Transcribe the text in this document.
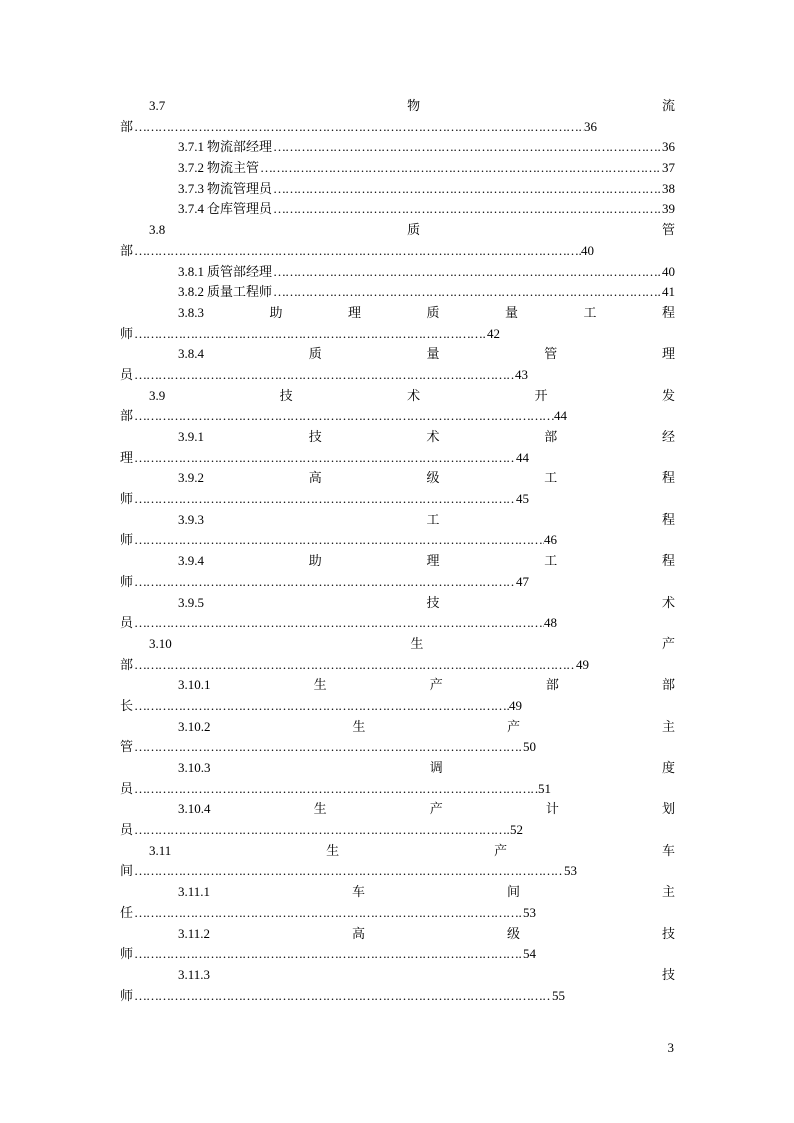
3.7	物	流
部 ……………………………………………………………………………………………………………………………………………………………………………………………………………………	36
3.7.1 物流部经理 ……………………………………………………………………………………………………………………………………………………………………………………………………………………	36
3.7.2 物流主管 ……………………………………………………………………………………………………………………………………………………………………………………………………………………	37
3.7.3 物流管理员 ……………………………………………………………………………………………………………………………………………………………………………………………………………………	38
3.7.4 仓库管理员 ……………………………………………………………………………………………………………………………………………………………………………………………………………………	39
3.8	质	管
部 ……………………………………………………………………………………………………………………………………………………………………………………………………………………	40
3.8.1 质管部经理 ……………………………………………………………………………………………………………………………………………………………………………………………………………………	40
3.8.2 质量工程师 ……………………………………………………………………………………………………………………………………………………………………………………………………………………	41
3.8.3	助	理	质	量	工	程
师 ……………………………………………………………………………………………………………………………………………………………………………………………………………………	42
3.8.4	质	量	管	理
员 ……………………………………………………………………………………………………………………………………………………………………………………………………………………	43
3.9	技	术	开	发
部 ……………………………………………………………………………………………………………………………………………………………………………………………………………………	44
3.9.1	技	术	部	经
理 ……………………………………………………………………………………………………………………………………………………………………………………………………………………	44
3.9.2	高	级	工	程
师 ……………………………………………………………………………………………………………………………………………………………………………………………………………………	45
3.9.3	工	程
师 ……………………………………………………………………………………………………………………………………………………………………………………………………………………	46
3.9.4	助	理	工	程
师 ……………………………………………………………………………………………………………………………………………………………………………………………………………………	47
3.9.5	技	术
员 ……………………………………………………………………………………………………………………………………………………………………………………………………………………	48
3.10	生	产
部 ……………………………………………………………………………………………………………………………………………………………………………………………………………………	49
3.10.1	生	产	部	部
长 ……………………………………………………………………………………………………………………………………………………………………………………………………………………	49
3.10.2	生	产	主
管 ……………………………………………………………………………………………………………………………………………………………………………………………………………………	50
3.10.3	调	度
员 ……………………………………………………………………………………………………………………………………………………………………………………………………………………	51
3.10.4	生	产	计	划
员 ……………………………………………………………………………………………………………………………………………………………………………………………………………………	52
3.11	生	产	车
间 ……………………………………………………………………………………………………………………………………………………………………………………………………………………	53
3.11.1	车	间	主
任 ……………………………………………………………………………………………………………………………………………………………………………………………………………………	53
3.11.2	高	级	技
师 ……………………………………………………………………………………………………………………………………………………………………………………………………………………	54
3.11.3	技
师 ……………………………………………………………………………………………………………………………………………………………………………………………………………………	55
3
